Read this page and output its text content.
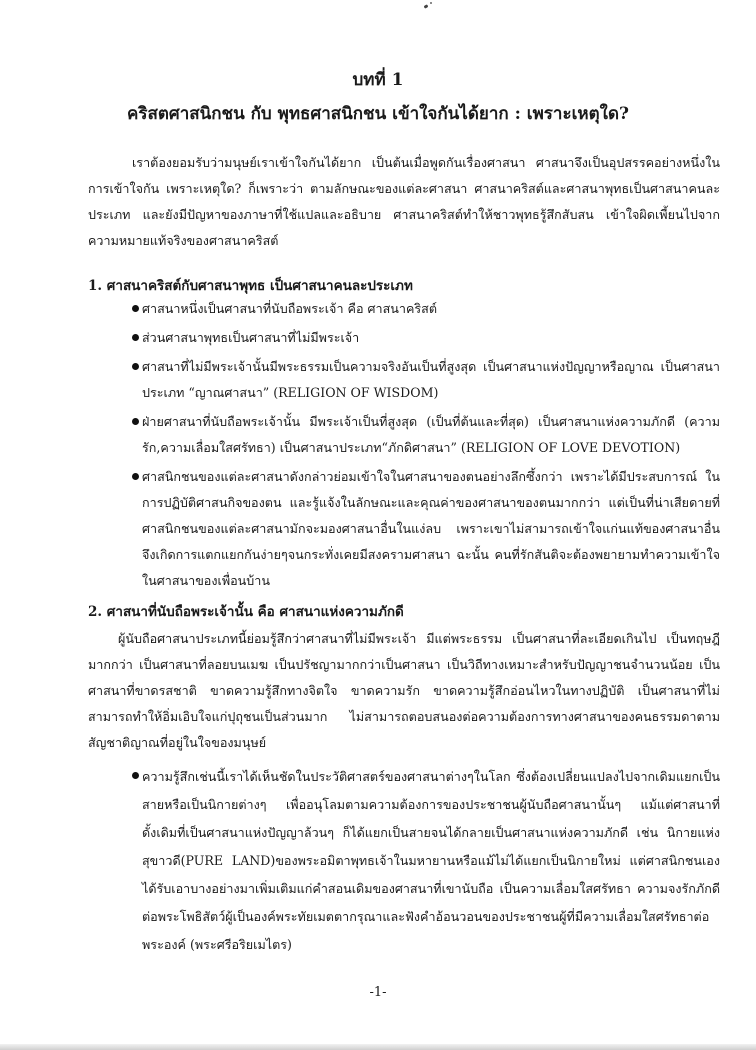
บทที่ 1
คริสตศาสนิกชน กับ พุทธศาสนิกชน เข้าใจกันได้ยาก : เพราะเหตุใด?
เราต้องยอมรับว่ามนุษย์เราเข้าใจกันได้ยาก เป็นต้นเมื่อพูดกันเรื่องศาสนา ศาสนาจึงเป็นอุปสรรคอย่างหนึ่งในการเข้าใจกัน เพราะเหตุใด? ก็เพราะว่า ตามลักษณะของแต่ละศาสนา ศาสนาคริสต์และศาสนาพุทธเป็นศาสนาคนละประเภท และยังมีปัญหาของภาษาที่ใช้แปลและอธิบาย ศาสนาคริสต์ทำให้ชาวพุทธรู้สึกสับสน เข้าใจผิดเพี้ยนไปจากความหมายแท้จริงของศาสนาคริสต์
1. ศาสนาคริสต์กับศาสนาพุทธ เป็นศาสนาคนละประเภท
ศาสนาหนึ่งเป็นศาสนาที่นับถือพระเจ้า คือ ศาสนาคริสต์
ส่วนศาสนาพุทธเป็นศาสนาที่ไม่มีพระเจ้า
ศาสนาที่ไม่มีพระเจ้านั้นมีพระธรรมเป็นความจริงอันเป็นที่สูงสุด เป็นศาสนาแห่งปัญญาหรือญาณ เป็นศาสนาประเภท “ญาณศาสนา” (RELIGION OF WISDOM)
ฝ่ายศาสนาที่นับถือพระเจ้านั้น มีพระเจ้าเป็นที่สูงสุด (เป็นที่ต้นและที่สุด) เป็นศาสนาแห่งความภักดี (ความรัก,ความเลื่อมใสศรัทธา) เป็นศาสนาประเภท“ภักดิศาสนา” (RELIGION OF LOVE DEVOTION)
ศาสนิกชนของแต่ละศาสนาดังกล่าวย่อมเข้าใจในศาสนาของตนอย่างลึกซึ้งกว่า เพราะได้มีประสบการณ์ ในการปฏิบัติศาสนกิจของตน และรู้แจ้งในลักษณะและคุณค่าของศาสนาของตนมากกว่า แต่เป็นที่น่าเสียดายที่ศาสนิกชนของแต่ละศาสนามักจะมองศาสนาอื่นในแง่ลบ เพราะเขาไม่สามารถเข้าใจแก่นแท้ของศาสนาอื่นจึงเกิดการแตกแยกกันง่ายๆจนกระทั่งเคยมีสงครามศาสนา ฉะนั้น คนที่รักสันติจะต้องพยายามทำความเข้าใจในศาสนาของเพื่อนบ้าน
2. ศาสนาที่นับถือพระเจ้านั้น คือ ศาสนาแห่งความภักดี
ผู้นับถือศาสนาประเภทนี้ย่อมรู้สึกว่าศาสนาที่ไม่มีพระเจ้า มีแต่พระธรรม เป็นศาสนาที่ละเอียดเกินไป เป็นทฤษฎีมากกว่า เป็นศาสนาที่ลอยบนเมฆ เป็นปรัชญามากกว่าเป็นศาสนา เป็นวิถีทางเหมาะสำหรับปัญญาชนจำนวนน้อย เป็นศาสนาที่ขาดรสชาติ ขาดความรู้สึกทางจิตใจ ขาดความรัก ขาดความรู้สึกอ่อนไหวในทางปฏิบัติ เป็นศาสนาที่ไม่สามารถทำให้อิ่มเอิบใจแก่ปุถุชนเป็นส่วนมาก ไม่สามารถตอบสนองต่อความต้องการทางศาสนาของคนธรรมดาตามสัญชาติญาณที่อยู่ในใจของมนุษย์
ความรู้สึกเช่นนี้เราได้เห็นชัดในประวัติศาสตร์ของศาสนาต่างๆในโลก ซึ่งต้องเปลี่ยนแปลงไปจากเดิมแยกเป็นสายหรือเป็นนิกายต่างๆ เพื่ออนุโลมตามความต้องการของประชาชนผู้นับถือศาสนานั้นๆ แม้แต่ศาสนาที่ดั้งเดิมที่เป็นศาสนาแห่งปัญญาล้วนๆ ก็ได้แยกเป็นสายจนได้กลายเป็นศาสนาแห่งความภักดี เช่น นิกายแห่งสุขาวดี(PURE LAND)ของพระอมิตาพุทธเจ้าในมหายานหรือแม้ไม่ได้แยกเป็นนิกายใหม่ แต่ศาสนิกชนเองได้รับเอาบางอย่างมาเพิ่มเติมแก่คำสอนเดิมของศาสนาที่เขานับถือ เป็นความเลื่อมใสศรัทธา ความจงรักภักดีต่อพระโพธิสัตว์ผู้เป็นองค์พระทัยเมตตากรุณาและฟังคำอ้อนวอนของประชาชนผู้ที่มีความเลื่อมใสศรัทธาต่อพระองค์ (พระศรีอริยเมไตร)
-1-
